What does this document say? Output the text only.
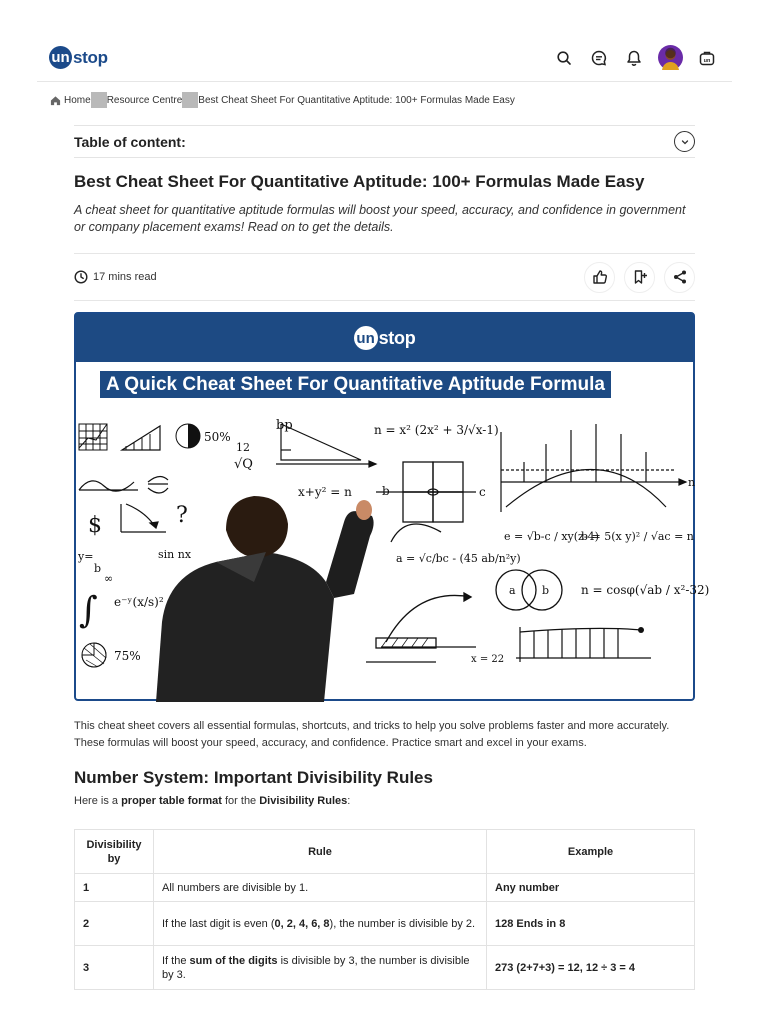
un stop	un
Home Resource Centre Best Cheat Sheet For Quantitative Aptitude: 100+ Formulas Made Easy
Table of content:
Best Cheat Sheet For Quantitative Aptitude: 100+ Formulas Made Easy

A cheat sheet for quantitative aptitude formulas will boost your speed, accuracy, and confidence in government or company placement exams! Read on to get the details.

17 mins read
un stop
A Quick Cheat Sheet For Quantitative Aptitude Formula
50%
12
√Q
bp	n = x² (2x² + 3/√x-1)
x+y² = n	b
$	?
y=
b
sin nx
∫ e⁻ʸ(x/s)²
∞
75%
c
a = √c/bc - (45 ab/n²y)
n
e = √b-c / xy(z-4)
b = 5(x y)² / √ac = n
a b	n = cosφ(√ab / x²-32)
x = 22

This cheat sheet covers all essential formulas, shortcuts, and tricks to help you solve problems faster and more accurately. These formulas will boost your speed, accuracy, and confidence. Practice smart and excel in your exams.

Number System: Important Divisibility Rules

Here is a proper table format for the Divisibility Rules:

Divisibility by	Rule	Example
1	All numbers are divisible by 1.	Any number
2	If the last digit is even (0, 2, 4, 6, 8), the number is divisible by 2.	128 Ends in 8
3	If the sum of the digits is divisible by 3, the number is divisible by 3.	273 (2+7+3) = 12, 12 ÷ 3 = 4
